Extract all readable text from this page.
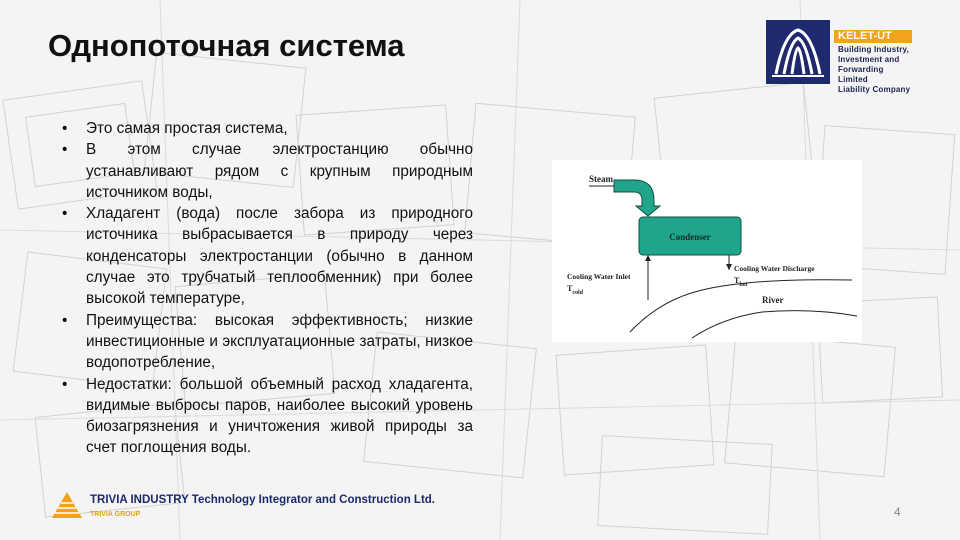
Однопоточная система	KELET-ÜT
Building Industry,
Investment and
Forwarding Limited
Liability Company
• Это самая простая система,
• В этом случае электростанцию обычно устанавливают рядом с крупным природным источником воды,
• Хладагент (вода) после забора из природного источника выбрасывается в природу через конденсаторы электростанции (обычно в данном случае это трубчатый теплообменник) при более высокой температуре,
• Преимущества: высокая эффективность; низкие инвестиционные и эксплуатационные затраты, низкое водопотребление,
• Недостатки: большой объемный расход хладагента, видимые выбросы паров, наиболее высокий уровень биозагрязнения и уничтожения живой природы за счет поглощения воды.
Steam
Condenser
Cooling Water Inlet
$T_{cold}$
Cooling Water Discharge
$T_{hot}$
River
TRIVIA INDUSTRY Technology Integrator and Construction Ltd.
TRIVIA GROUP	4
